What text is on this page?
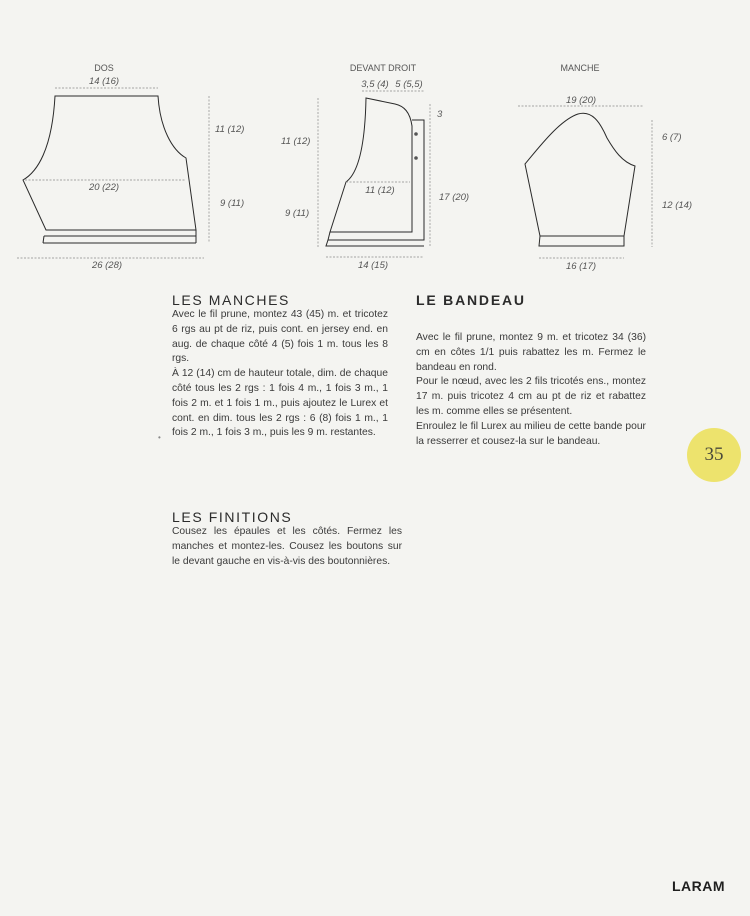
DOS
14 (16)
20 (22)
11 (12)
9 (11)
26 (28)
DEVANT DROIT
3,5 (4) 5 (5,5)
3
17 (20)
11 (12)
9 (11)
11 (12)
14 (15)
MANCHE
19 (20)
6 (7)
12 (14)
16 (17)
LES MANCHES

Avec le fil prune, montez 43 (45) m. et tricotez 6 rgs au pt de riz, puis cont. en jersey end. en aug. de chaque côté 4 (5) fois 1 m. tous les 8 rgs.

À 12 (14) cm de hauteur totale, dim. de chaque côté tous les 2 rgs : 1 fois 4 m., 1 fois 3 m., 1 fois 2 m. et 1 fois 1 m., puis ajoutez le Lurex et cont. en dim. tous les 2 rgs : 6 (8) fois 1 m., 1 fois 2 m., 1 fois 3 m., puis les 9 m. restantes.

•
LES FINITIONS

Cousez les épaules et les côtés. Fermez les manches et montez-les. Cousez les boutons sur le devant gauche en vis-à-vis des boutonnières.

LE BANDEAU

Avec le fil prune, montez 9 m. et tricotez 34 (36) cm en côtes 1/1 puis rabattez les m. Fermez le bandeau en rond.

Pour le nœud, avec les 2 fils tricotés ens., montez 17 m. puis tricotez 4 cm au pt de riz et rabattez les m. comme elles se présentent.

Enroulez le fil Lurex au milieu de cette bande pour la resserrer et cousez-la sur le bandeau.

35
LARAM
